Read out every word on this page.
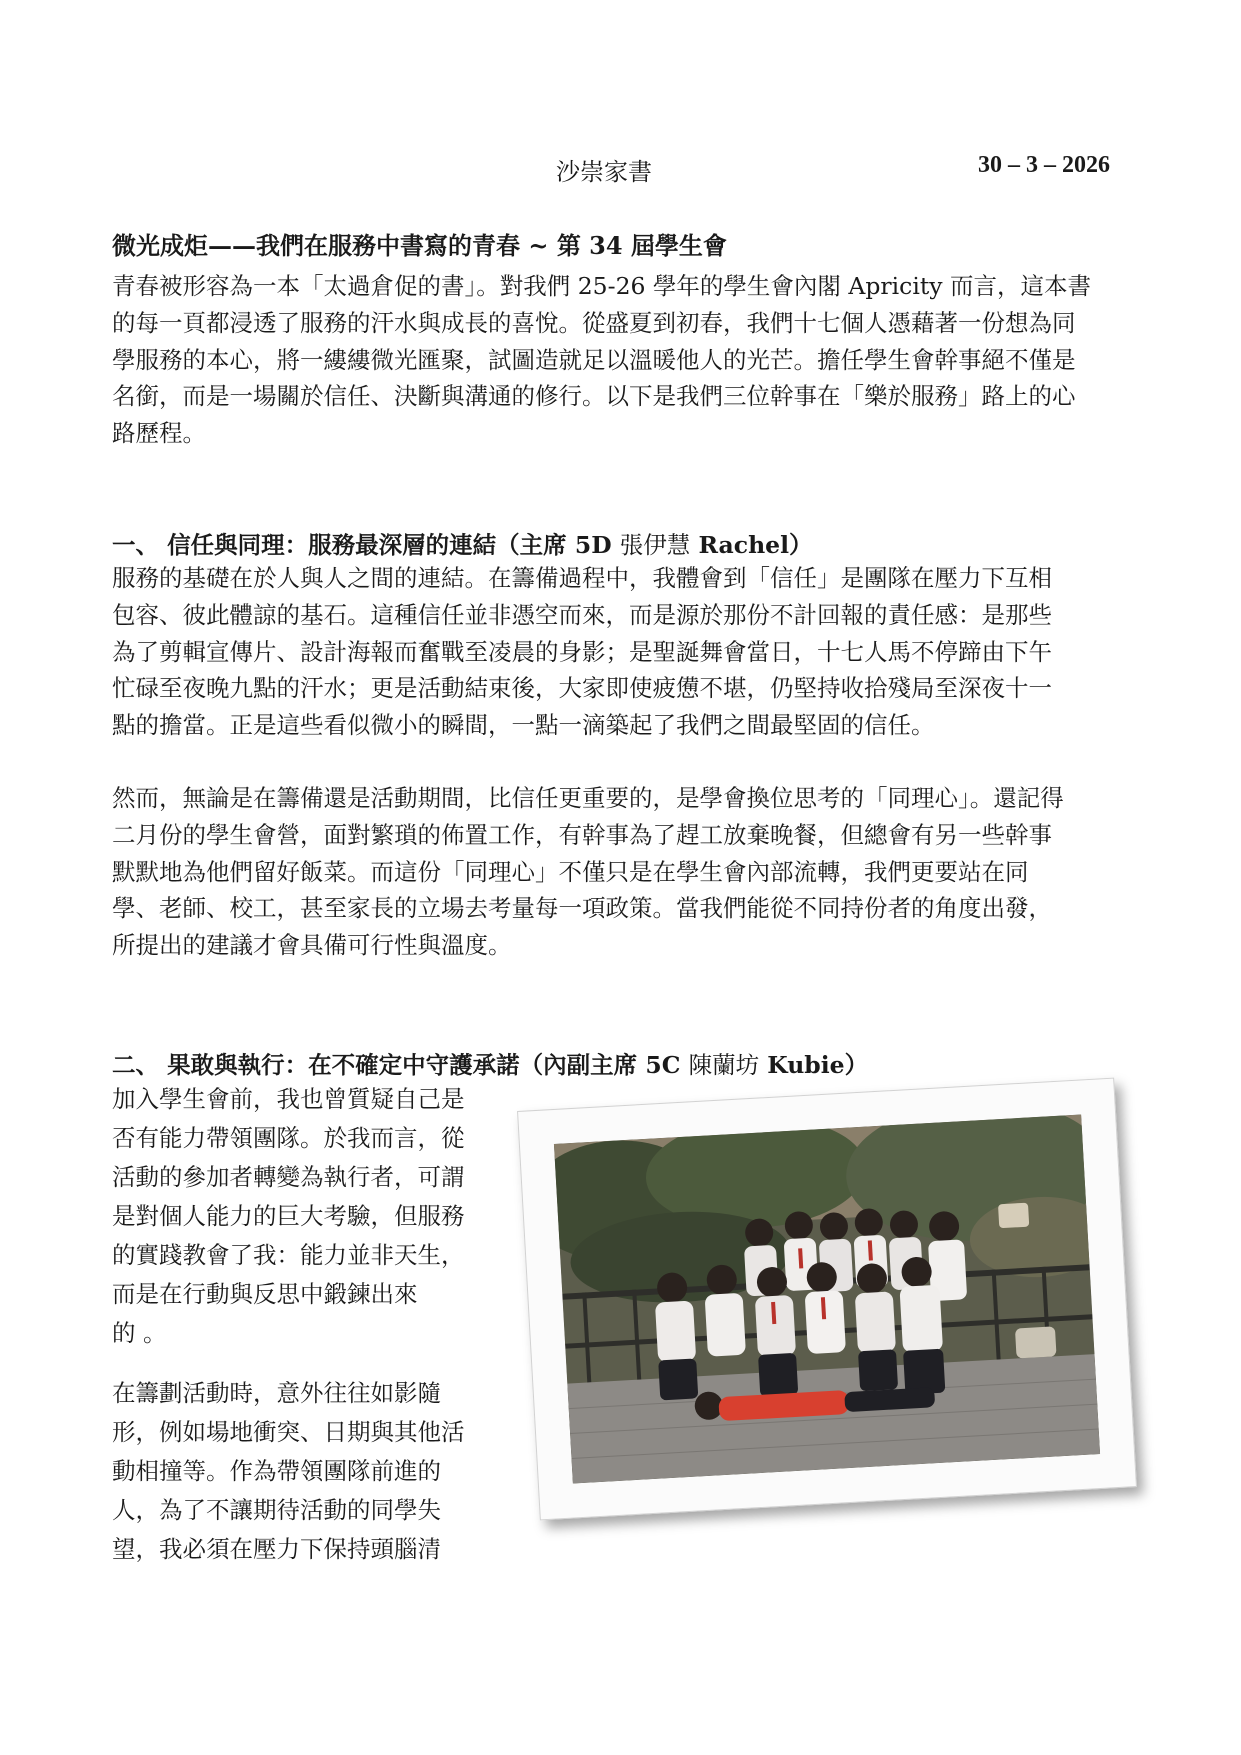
沙崇家書	30 – 3 – 2026
微光成炬——我們在服務中書寫的青春 ~ 第 34 屆學生會

青春被形容為一本「太過倉促的書」。對我們 25-26 學年的學生會內閣 Apricity 而言，這本書
的每一頁都浸透了服務的汗水與成長的喜悅。從盛夏到初春，我們十七個人憑藉著一份想為同
學服務的本心，將一縷縷微光匯聚，試圖造就足以溫暖他人的光芒。擔任學生會幹事絕不僅是
名銜，而是一場關於信任、決斷與溝通的修行。以下是我們三位幹事在「樂於服務」路上的心
路歷程。

一、 信任與同理：服務最深層的連結（主席 5D 張伊慧 Rachel）

服務的基礎在於人與人之間的連結。在籌備過程中，我體會到「信任」是團隊在壓力下互相
包容、彼此體諒的基石。這種信任並非憑空而來，而是源於那份不計回報的責任感：是那些
為了剪輯宣傳片、設計海報而奮戰至凌晨的身影；是聖誕舞會當日，十七人馬不停蹄由下午
忙碌至夜晚九點的汗水；更是活動結束後，大家即使疲憊不堪，仍堅持收拾殘局至深夜十一
點的擔當。正是這些看似微小的瞬間，一點一滴築起了我們之間最堅固的信任。

然而，無論是在籌備還是活動期間，比信任更重要的，是學會換位思考的「同理心」。還記得
二月份的學生會營，面對繁瑣的佈置工作，有幹事為了趕工放棄晚餐，但總會有另一些幹事
默默地為他們留好飯菜。而這份「同理心」不僅只是在學生會內部流轉，我們更要站在同
學、老師、校工，甚至家長的立場去考量每一項政策。當我們能從不同持份者的角度出發，
所提出的建議才會具備可行性與溫度。

二、 果敢與執行：在不確定中守護承諾（內副主席 5C 陳蘭坊 Kubie）
加入學生會前，我也曾質疑自己是
否有能力帶領團隊。於我而言，從
活動的參加者轉變為執行者，可謂
是對個人能力的巨大考驗，但服務
的實踐教會了我：能力並非天生，
而是在行動與反思中鍛鍊出來
的 。
在籌劃活動時，意外往往如影隨
形，例如場地衝突、日期與其他活
動相撞等。作為帶領團隊前進的
人，為了不讓期待活動的同學失
望，我必須在壓力下保持頭腦清
